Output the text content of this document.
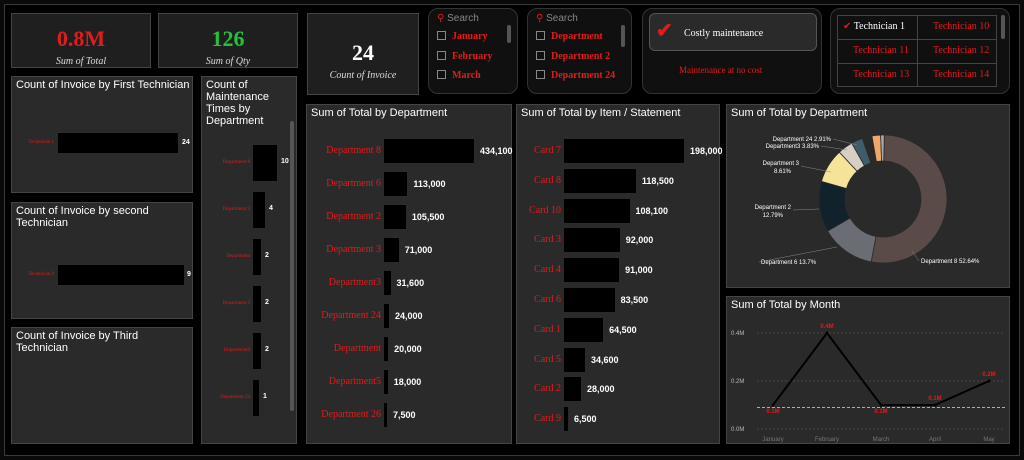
0.8M
Sum of Total
126
Sum of Qty	24
Count of Invoice
⚲ Search
January
February
March
⚲ Search
Department
Department 2
Department 24
✔ Costly maintenance
Maintenance at no cost
✔ Technician 1	Technician 10
Technician 11 Technician 12
Technician 13 Technician 14
Count of Invoice by First Technician
Technician 1	24
Count of Invoice by second Technician
Technician 9	9
Count of Invoice by Third Technician
Count of Maintenance Times by Department
Department 8	10
Department 3	4
Department 2
Department 2 2
Department3 2
Department 24 1
Sum of Total by Department
Department 8	434,100
Department 6	113,000
Department 2	105,500
Department 3	71,000
Department3 31,600
Department 24 24,000
Department 20,000
Department5 18,000
Department 26 7,500
Sum of Total by Item / Statement
Card 7	198,000
Card 8	118,500
Card 10	108,100
Card 3	92,000
Card 4	91,000
Card 6	83,500
Card 1	64,500
Card 5	34,600
Card 2	28,000
Card 9 6,500
Sum of Total by Department
Department 8 52.64%
Department 6 13.7%
Department 2
12.79%
Department 3
8.61%
Department3 3.83%
Department 24 2.91%
Sum of Total by Month
0.4M
0.2M
0.0M
0.1M
January
0.4M
February
0.1M
March
0.1M
April
0.2M
May
